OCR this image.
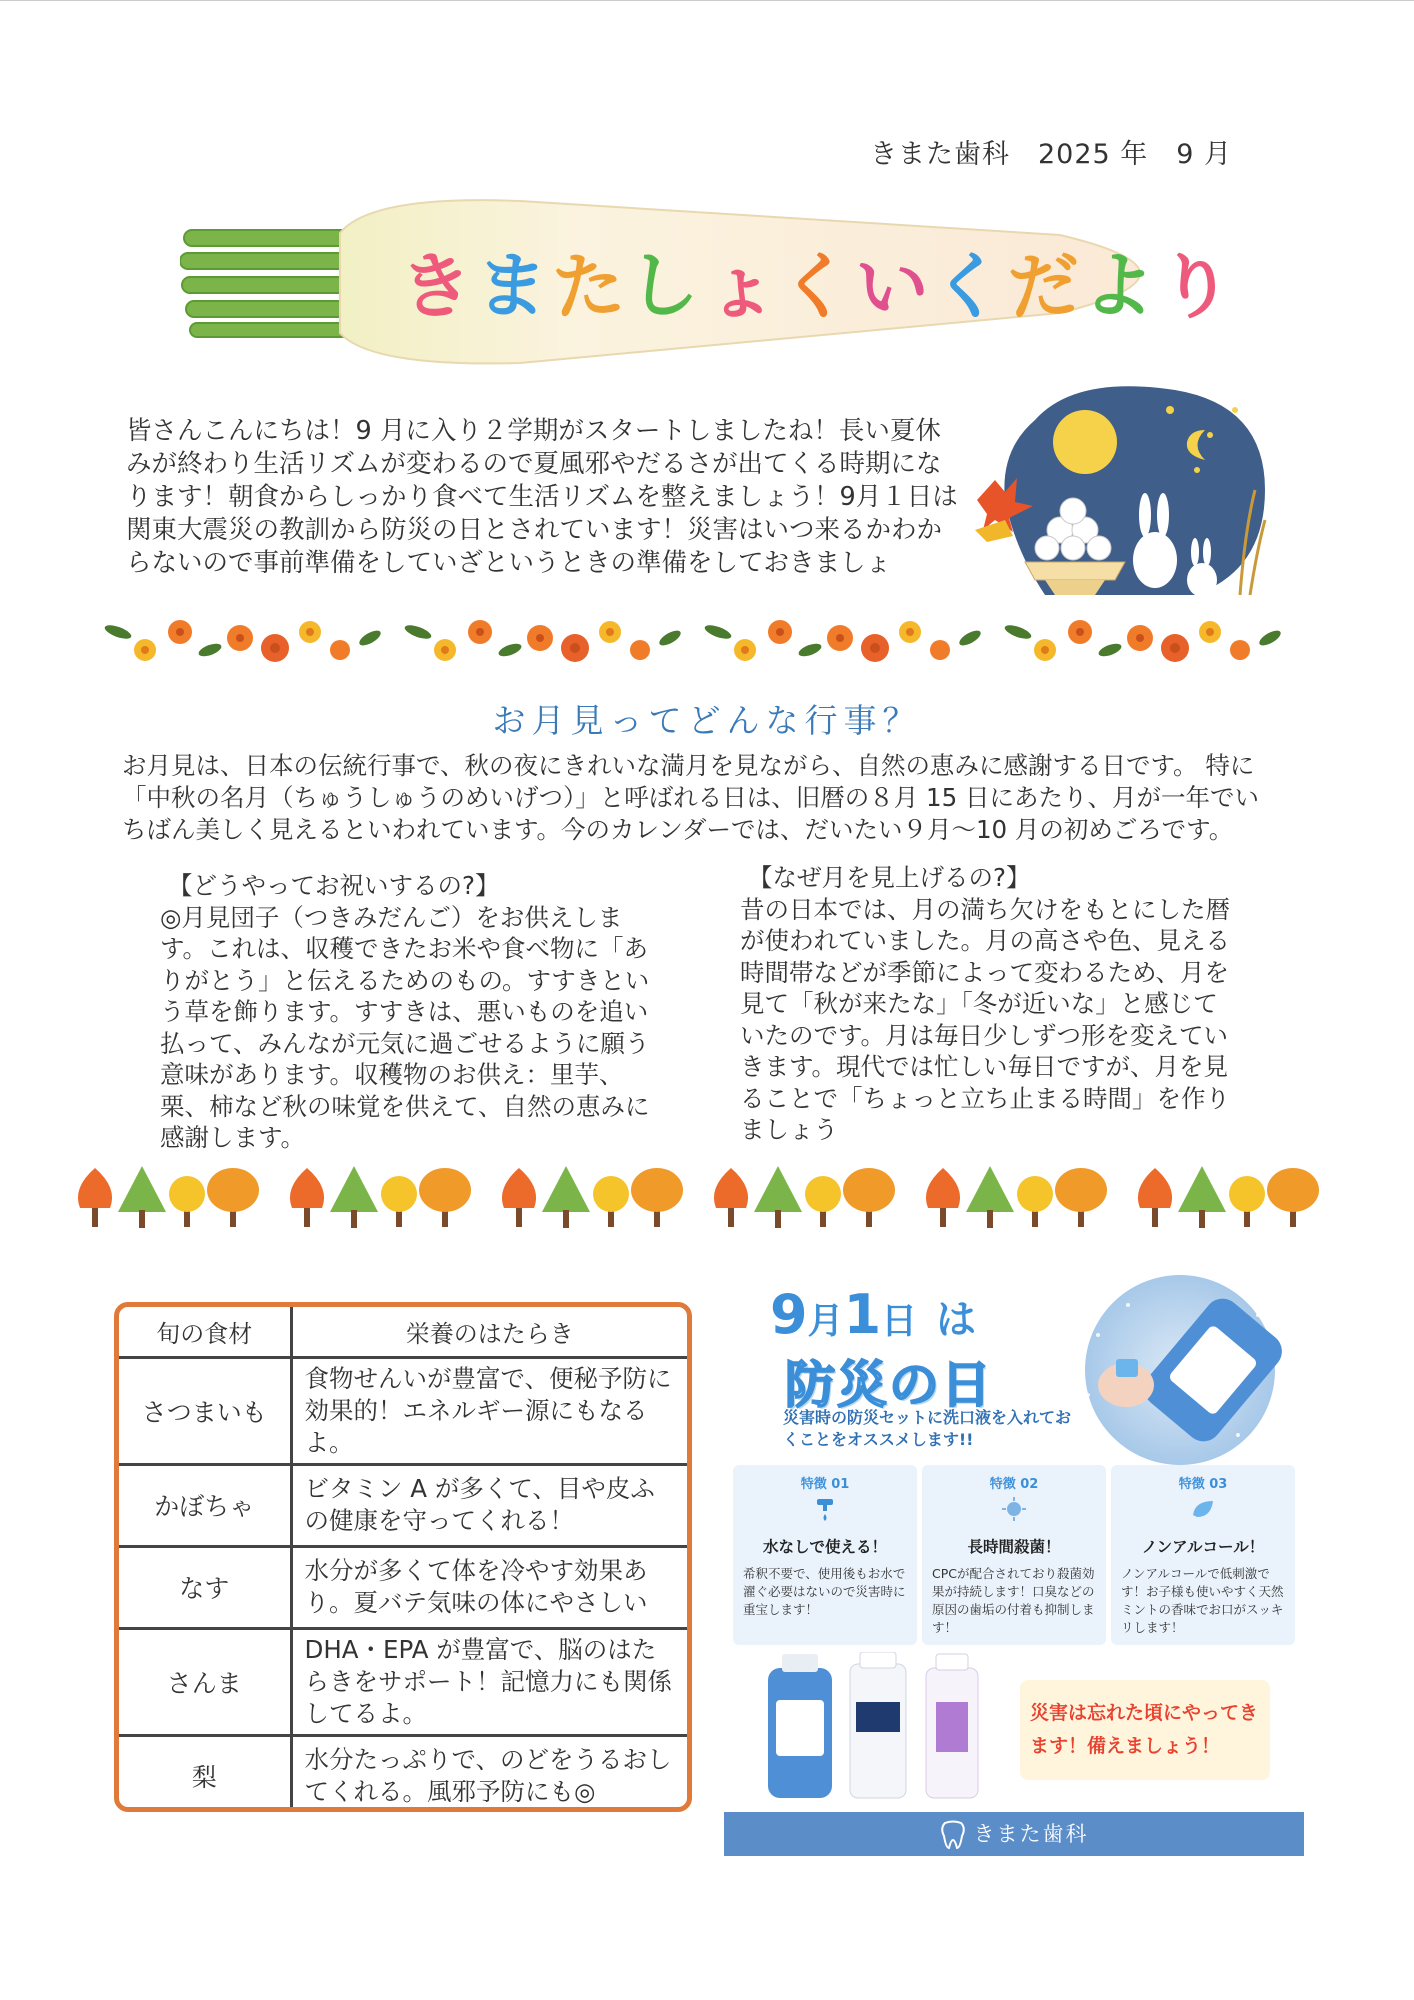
きまた歯科　2025 年　9 月
きまたしょくいくだより
皆さんこんにちは！9 月に入り２学期がスタートしましたね！長い夏休みが終わり生活リズムが変わるので夏風邪やだるさが出てくる時期になります！朝食からしっかり食べて生活リズムを整えましょう！9月１日は関東大震災の教訓から防災の日とされています！災害はいつ来るかわからないので事前準備をしていざというときの準備をしておきましょ
お月見ってどんな行事？
お月見は、日本の伝統行事で、秋の夜にきれいな満月を見ながら、自然の恵みに感謝する日です。 特に「中秋の名月（ちゅうしゅうのめいげつ）」と呼ばれる日は、旧暦の８月 15 日にあたり、月が一年でいちばん美しく見えるといわれています。今のカレンダーでは、だいたい９月〜10 月の初めごろです。
【どうやってお祝いするの?】
◎月見団子（つきみだんご）をお供えします。これは、収穫できたお米や食べ物に「ありがとう」と伝えるためのもの。すすきという草を飾ります。すすきは、悪いものを追い払って、みんなが元気に過ごせるように願う意味があります。収穫物のお供え：里芋、栗、柿など秋の味覚を供えて、自然の恵みに感謝します。
【なぜ月を見上げるの?】
昔の日本では、月の満ち欠けをもとにした暦が使われていました。月の高さや色、見える時間帯などが季節によって変わるため、月を見て「秋が来たな」「冬が近いな」と感じていたのです。月は毎日少しずつ形を変えていきます。現代では忙しい毎日ですが、月を見ることで「ちょっと立ち止まる時間」を作りましょう
旬の食材	栄養のはたらき
さつまいも	食物せんいが豊富で、便秘予防に効果的！エネルギー源にもなるよ。
かぼちゃ	ビタミン A が多くて、目や皮ふの健康を守ってくれる！
なす	水分が多くて体を冷やす効果あり。夏バテ気味の体にやさしい
さんま	DHA・EPA が豊富で、脳のはたらきをサポート！記憶力にも関係してるよ。
梨	水分たっぷりで、のどをうるおしてくれる。風邪予防にも◎
9月1日 は
防災の日
災害時の防災セットに洗口液を入れておくことをオススメします!!
特徴 01
水なしで使える！
希釈不要で、使用後もお水で濯ぐ必要はないので災害時に重宝します！
特徴 02
長時間殺菌！
CPCが配合されており殺菌効果が持続します！口臭などの原因の歯垢の付着も抑制します！
特徴 03
ノンアルコール！
ノンアルコールで低刺激です！お子様も使いやすく天然ミントの香味でお口がスッキリします！
災害は忘れた頃にやってきます！備えましょう！
きまた歯科
